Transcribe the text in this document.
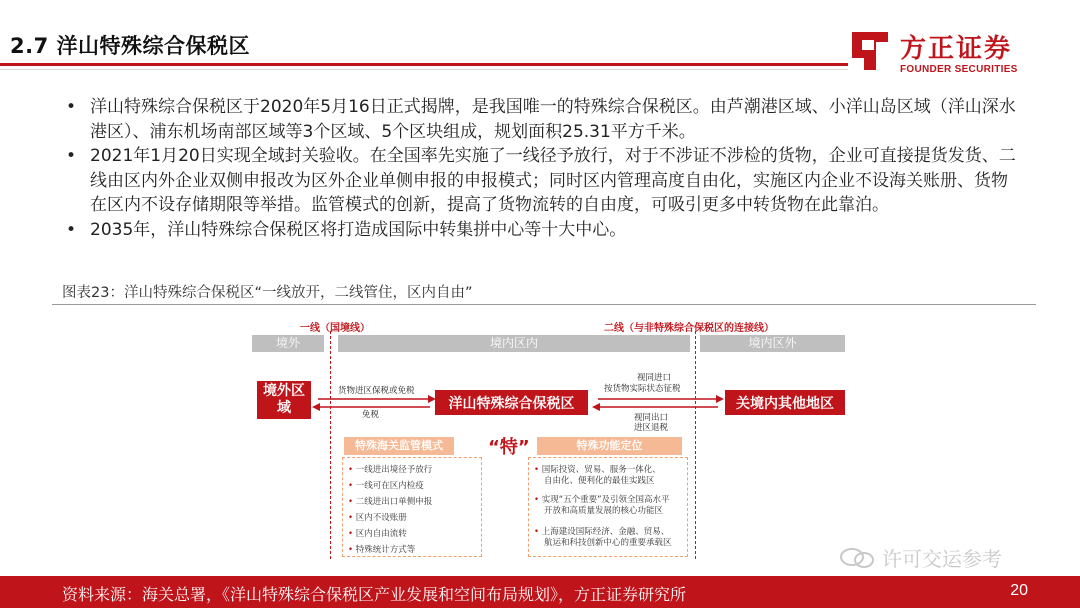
2.7 洋山特殊综合保税区	方正证券
FOUNDER SECURITIES
• 洋山特殊综合保税区于2020年5月16日正式揭牌，是我国唯一的特殊综合保税区。由芦潮港区域、小洋山岛区域（洋山深水港区）、浦东机场南部区域等3个区域、5个区块组成，规划面积25.31平方千米。
• 2021年1月20日实现全域封关验收。在全国率先实施了一线径予放行，对于不涉证不涉检的货物，企业可直接提货发货、二线由区内外企业双侧申报改为区外企业单侧申报的申报模式；同时区内管理高度自由化，实施区内企业不设海关账册、货物在区内不设存储期限等举措。监管模式的创新，提高了货物流转的自由度，可吸引更多中转货物在此靠泊。
• 2035年，洋山特殊综合保税区将打造成国际中转集拼中心等十大中心。
图表23：洋山特殊综合保税区“一线放开，二线管住，区内自由”
一线（国境线）	二线（与非特殊综合保税区的连接线）
境外	境内区内	境内区外
境外区域	洋山特殊综合保税区	关境内其他地区
货物进区保税或免税
免税
视同进口
按货物实际状态征税
视同出口
进区退税
特殊海关监管模式	“特”	特殊功能定位
• 一线进出境径予放行
• 一线可在区内检疫
• 二线进出口单侧申报
• 区内不设账册
• 区内自由流转
• 特殊统计方式等
• 国际投资、贸易、服务一体化、
自由化、便利化的最佳实践区
• 实现“五个重要”及引领全国高水平
开放和高质量发展的核心功能区
• 上海建设国际经济、金融、贸易、
航运和科技创新中心的重要承载区
许可交运参考
资料来源：海关总署，《洋山特殊综合保税区产业发展和空间布局规划》，方正证券研究所	20
